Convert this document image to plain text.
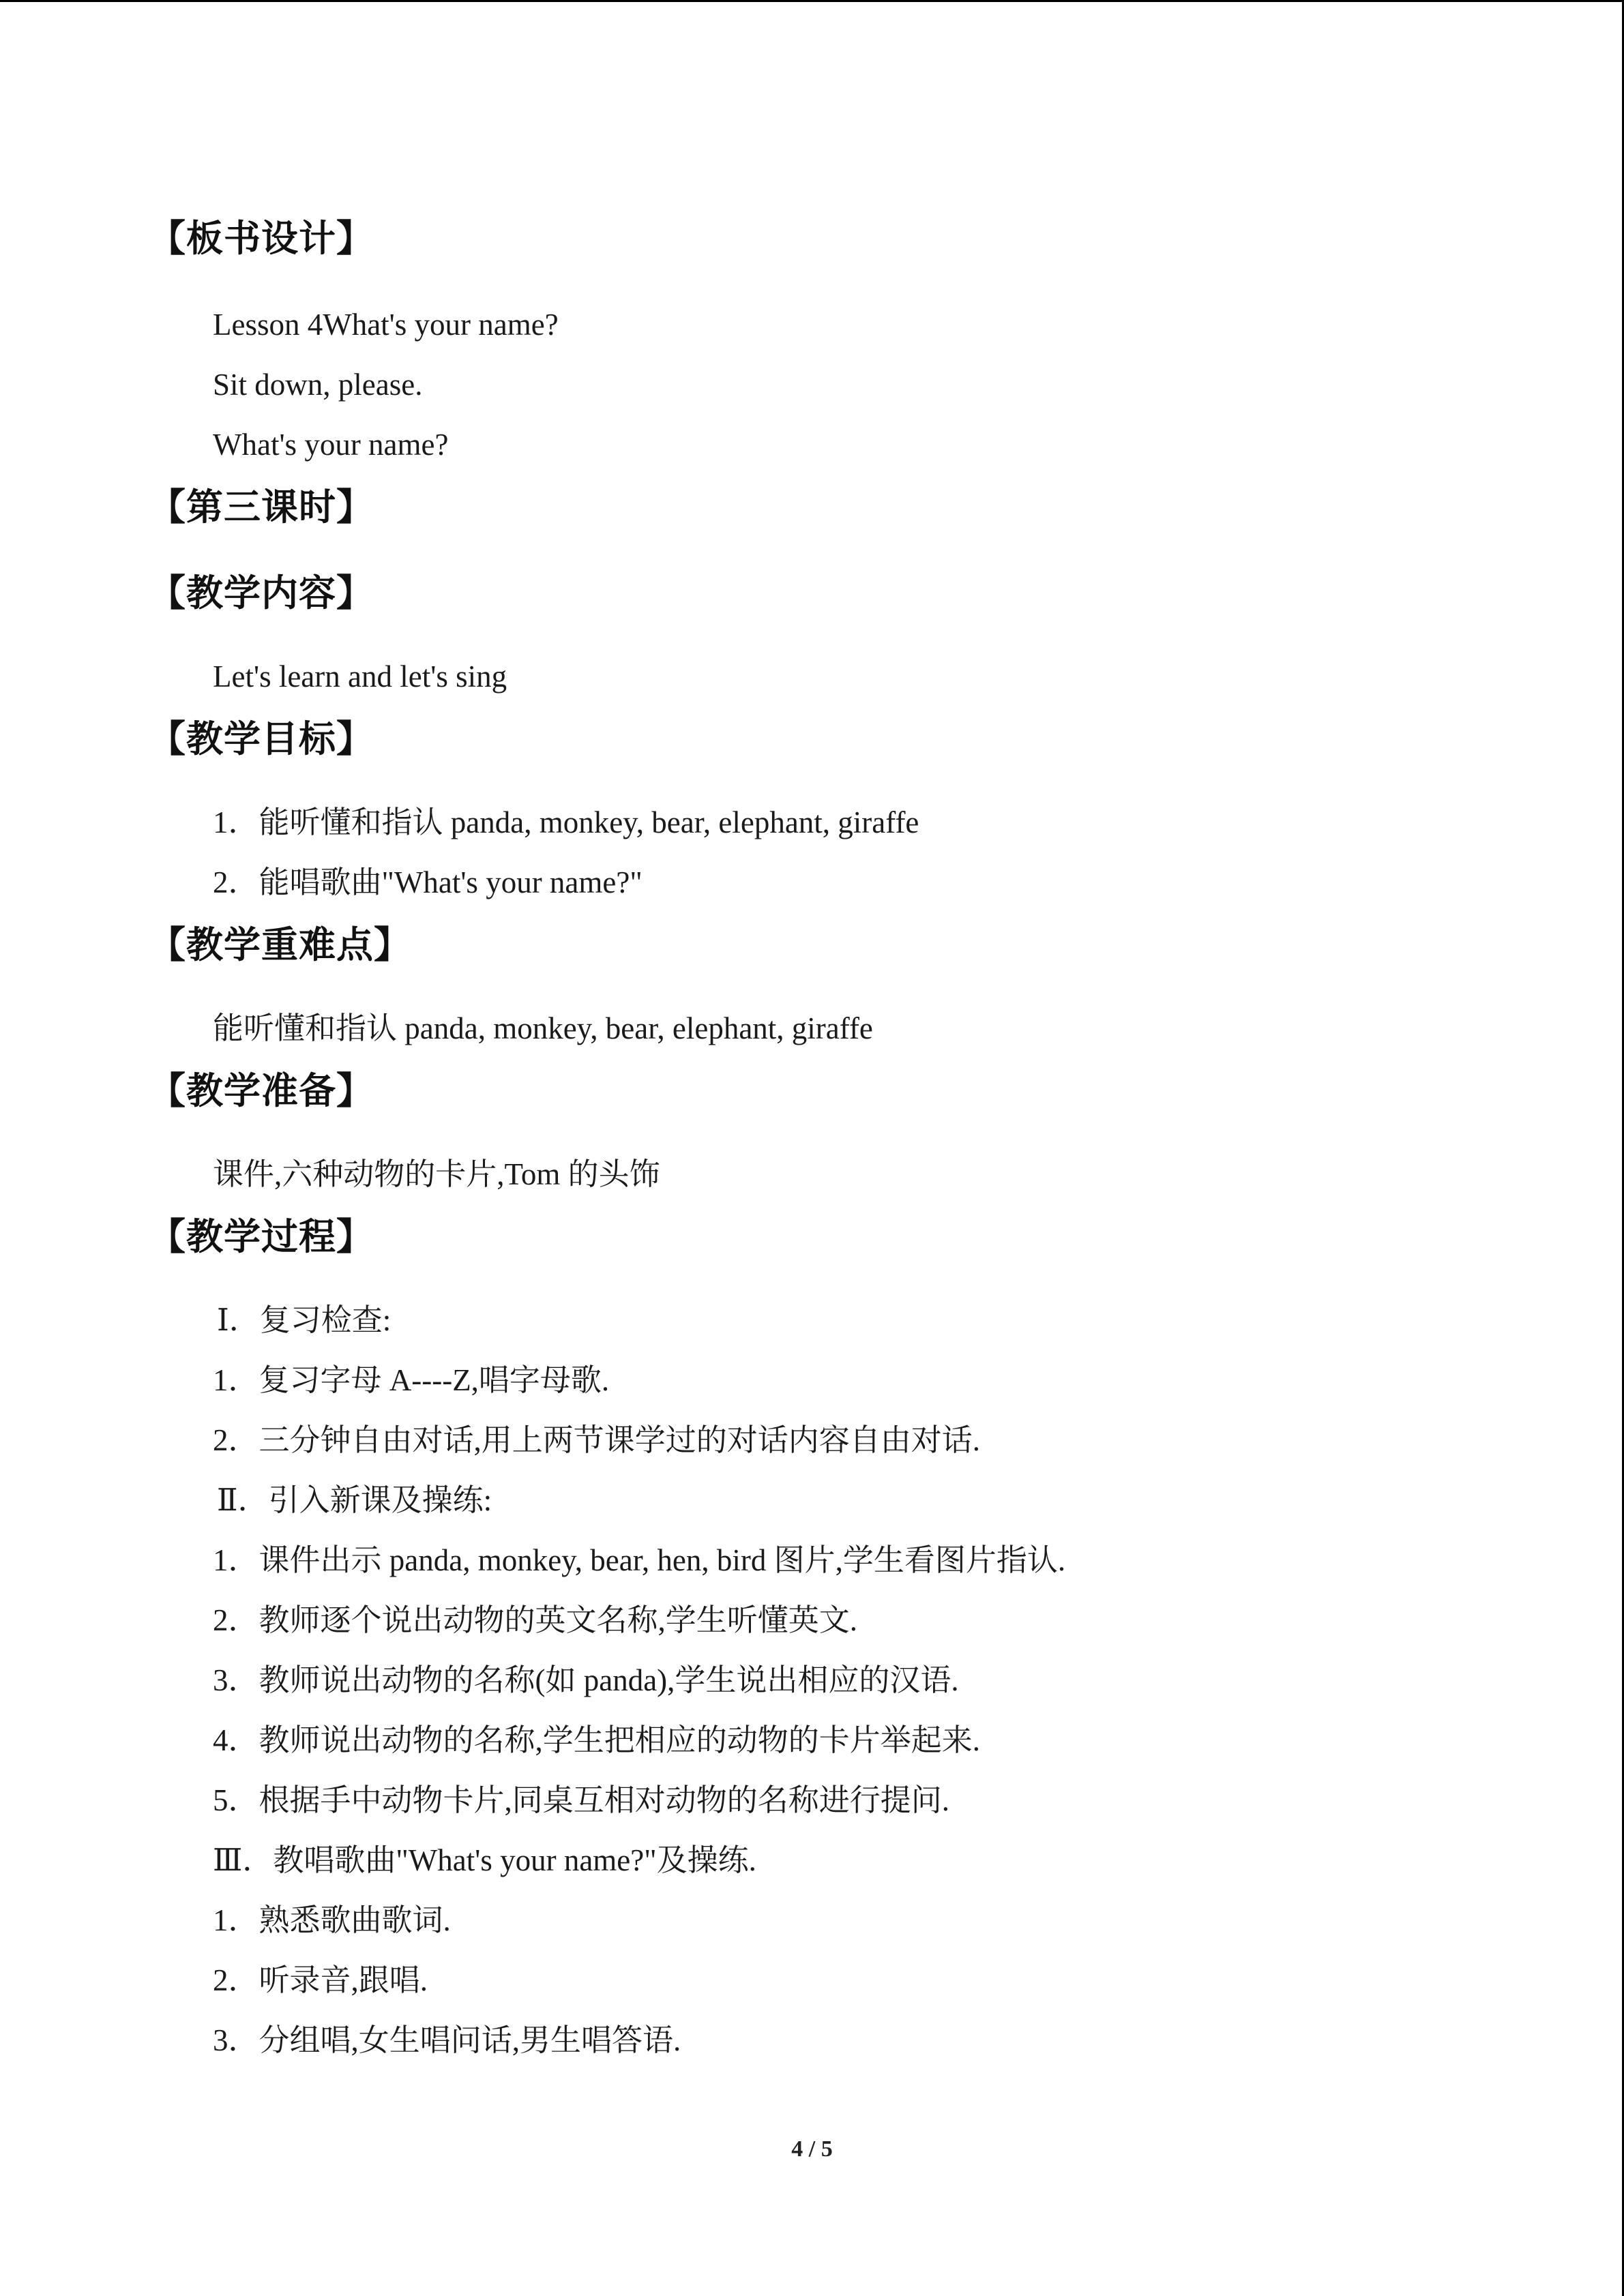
【板书设计】
Lesson 4What's your name?
Sit down, please.
What's your name?
【第三课时】
【教学内容】
Let's learn and let's sing
【教学目标】
1．能听懂和指认 panda, monkey, bear, elephant, giraffe
2．能唱歌曲"What's your name?"
【教学重难点】
能听懂和指认 panda, monkey, bear, elephant, giraffe
【教学准备】
课件,六种动物的卡片,Tom 的头饰
【教学过程】
Ⅰ．复习检查:
1．复习字母 A----Z,唱字母歌.
2．三分钟自由对话,用上两节课学过的对话内容自由对话.
Ⅱ．引入新课及操练:
1．课件出示 panda, monkey, bear, hen, bird 图片,学生看图片指认.
2．教师逐个说出动物的英文名称,学生听懂英文.
3．教师说出动物的名称(如 panda),学生说出相应的汉语.
4．教师说出动物的名称,学生把相应的动物的卡片举起来.
5．根据手中动物卡片,同桌互相对动物的名称进行提问.
Ⅲ．教唱歌曲"What's your name?"及操练.
1．熟悉歌曲歌词.
2．听录音,跟唱.
3．分组唱,女生唱问话,男生唱答语.
4 / 5
